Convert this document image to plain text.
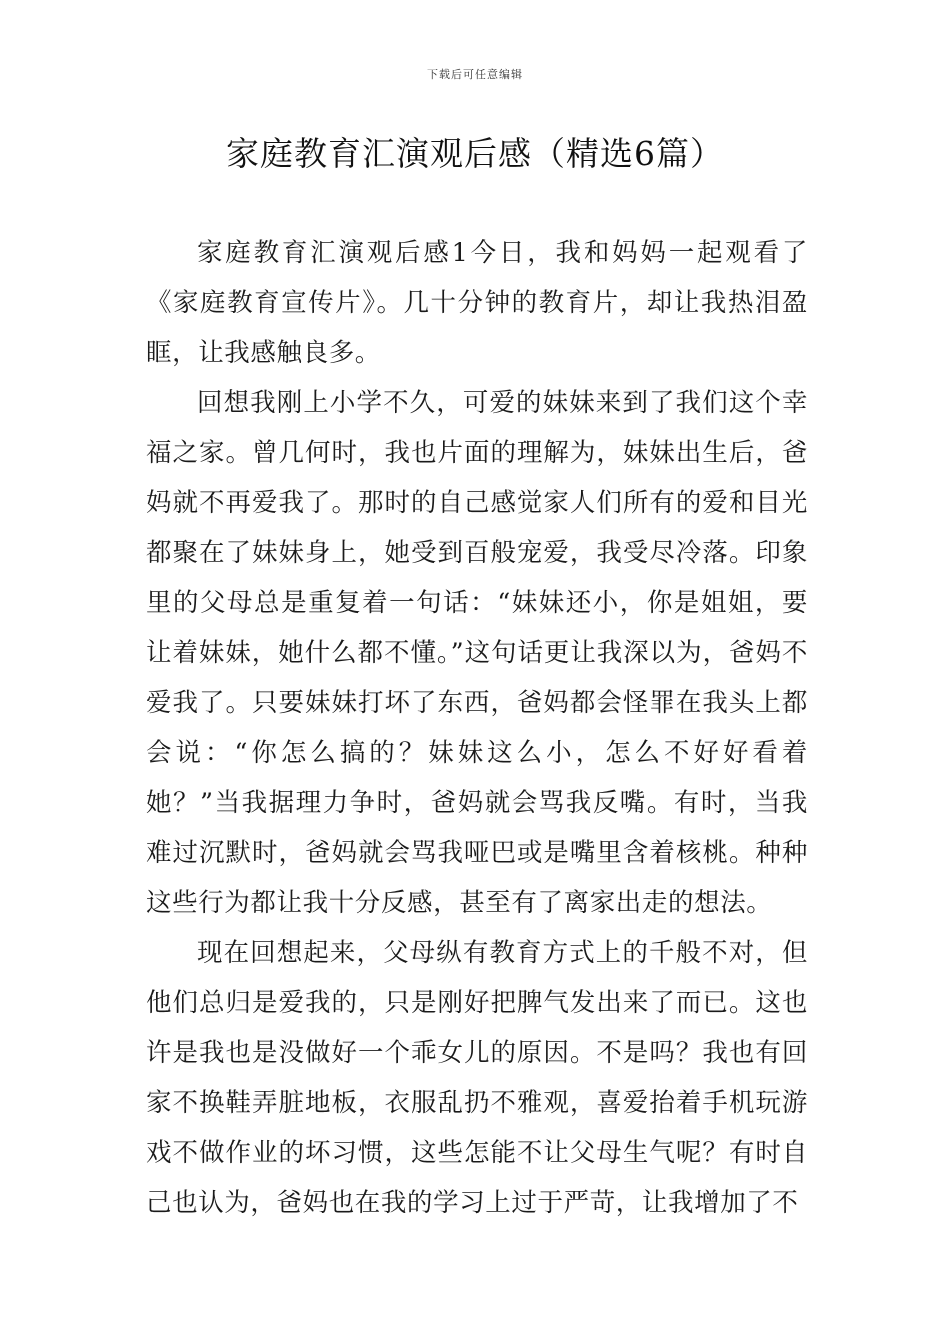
下载后可任意编辑
家庭教育汇演观后感（精选6篇）

家庭教育汇演观后感1今日，我和妈妈一起观看了《家庭教育宣传片》。几十分钟的教育片，却让我热泪盈眶，让我感触良多。

回想我刚上小学不久，可爱的妹妹来到了我们这个幸福之家。曾几何时，我也片面的理解为，妹妹出生后，爸妈就不再爱我了。那时的自己感觉家人们所有的爱和目光都聚在了妹妹身上，她受到百般宠爱，我受尽冷落。印象里的父母总是重复着一句话：“妹妹还小，你是姐姐，要让着妹妹，她什么都不懂。”这句话更让我深以为，爸妈不爱我了。只要妹妹打坏了东西，爸妈都会怪罪在我头上都会说：“你怎么搞的？妹妹这么小，怎么不好好看着她？”当我据理力争时，爸妈就会骂我反嘴。有时，当我难过沉默时，爸妈就会骂我哑巴或是嘴里含着核桃。种种这些行为都让我十分反感，甚至有了离家出走的想法。

现在回想起来，父母纵有教育方式上的千般不对，但他们总归是爱我的，只是刚好把脾气发出来了而已。这也许是我也是没做好一个乖女儿的原因。不是吗？我也有回家不换鞋弄脏地板，衣服乱扔不雅观，喜爱抬着手机玩游戏不做作业的坏习惯，这些怎能不让父母生气呢？有时自己也认为，爸妈也在我的学习上过于严苛，让我增加了不
